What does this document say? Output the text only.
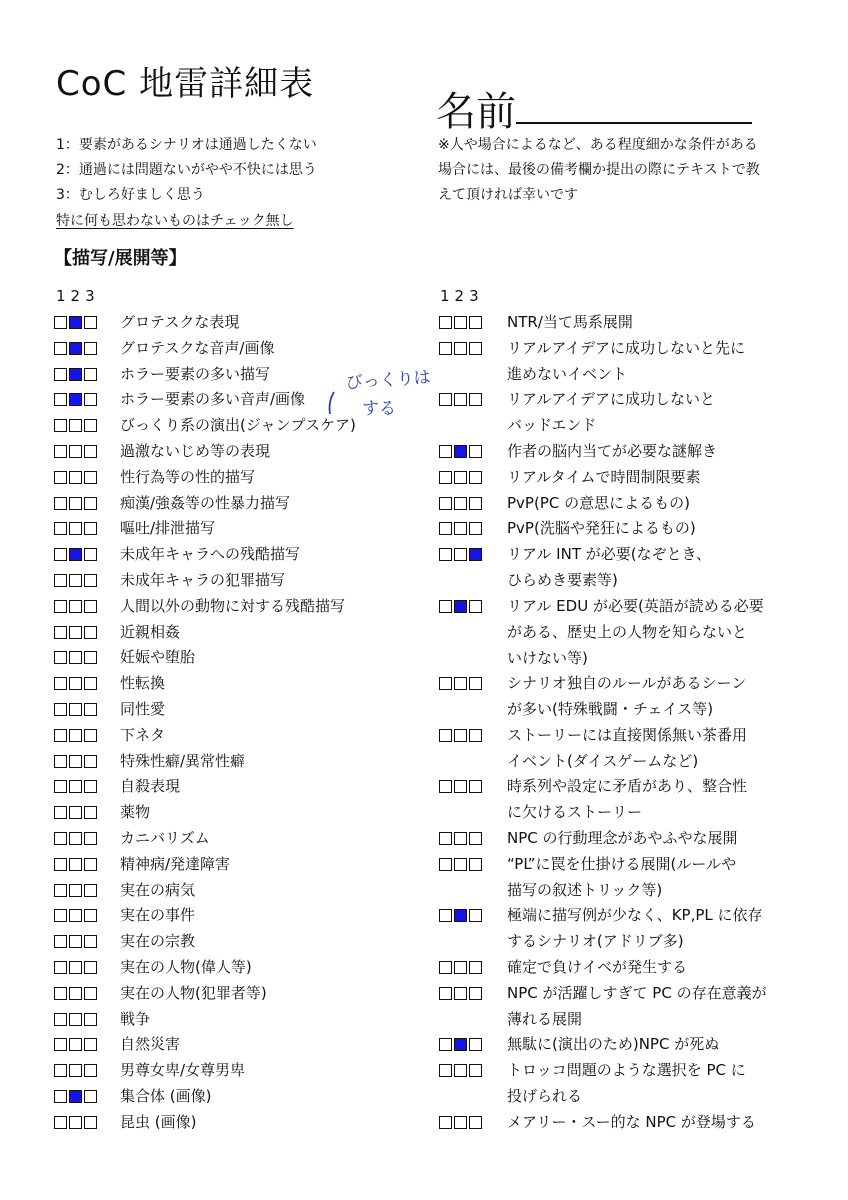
CoC 地雷詳細表
名前
1：要素があるシナリオは通過したくない
2：通過には問題ないがやや不快には思う
3：むしろ好ましく思う
特に何も思わないものはチェック無し
※人や場合によるなど、ある程度細かな条件がある
場合には、最後の備考欄か提出の際にテキストで教
えて頂ければ幸いです
【描写/展開等】
123	123
グロテスクな表現
グロテスクな音声/画像
ホラー要素の多い描写
ホラー要素の多い音声/画像
びっくり系の演出(ジャンプスケア)
過激ないじめ等の表現
性行為等の性的描写
痴漢/強姦等の性暴力描写
嘔吐/排泄描写
未成年キャラへの残酷描写
未成年キャラの犯罪描写
人間以外の動物に対する残酷描写
近親相姦
妊娠や堕胎
性転換
同性愛
下ネタ
特殊性癖/異常性癖
自殺表現
薬物
カニバリズム
精神病/発達障害
実在の病気
実在の事件
実在の宗教
実在の人物(偉人等)
実在の人物(犯罪者等)
戦争
自然災害
男尊女卑/女尊男卑
集合体 (画像)
昆虫 (画像)
NTR/当て馬系展開
リアルアイデアに成功しないと先に
進めないイベント
リアルアイデアに成功しないと
バッドエンド
作者の脳内当てが必要な謎解き
リアルタイムで時間制限要素
PvP(PC の意思によるもの)
PvP(洗脳や発狂によるもの)
リアル INT が必要(なぞとき、
ひらめき要素等)
リアル EDU が必要(英語が読める必要
がある、歴史上の人物を知らないと
いけない等)
シナリオ独自のルールがあるシーン
が多い(特殊戦闘・チェイス等)
ストーリーには直接関係無い茶番用
イベント(ダイスゲームなど)
時系列や設定に矛盾があり、整合性
に欠けるストーリー
NPC の行動理念があやふやな展開
“PL”に罠を仕掛ける展開(ルールや
描写の叙述トリック等)
極端に描写例が少なく、KP,PL に依存
するシナリオ(アドリブ多)
確定で負けイベが発生する
NPC が活躍しすぎて PC の存在意義が
薄れる展開
無駄に(演出のため)NPC が死ぬ
トロッコ問題のような選択を PC に
投げられる
メアリー・スー的な NPC が登場する
びっくりは
する
